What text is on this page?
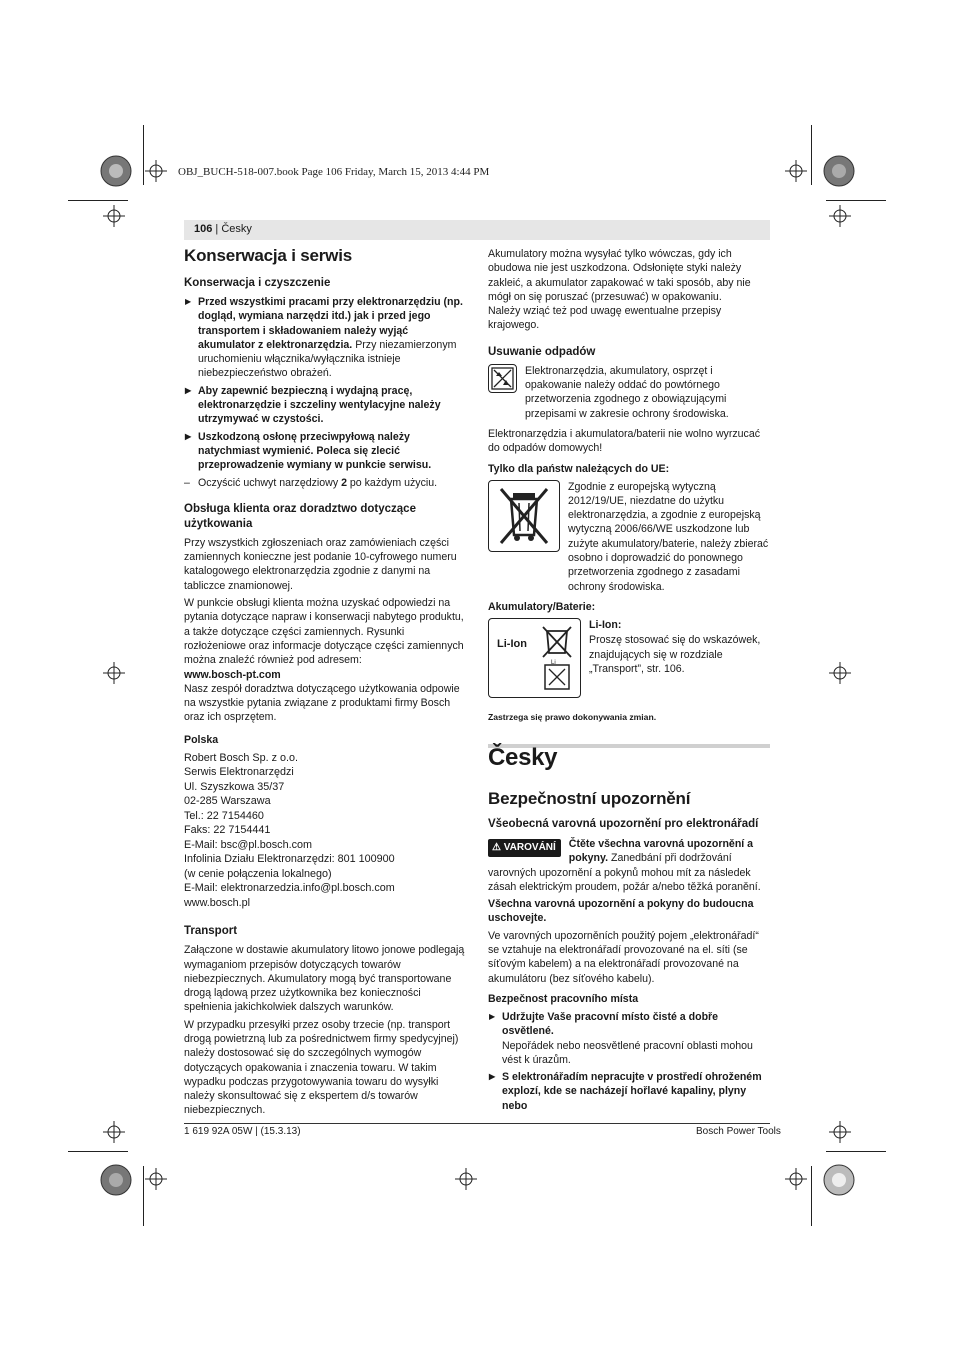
OBJ_BUCH-518-007.book Page 106 Friday, March 15, 2013 4:44 PM
106 | Česky
Konserwacja i serwis
Konserwacja i czyszczenie
▶ Przed wszystkimi pracami przy elektronarzędziu (np. dogląd, wymiana narzędzi itd.) jak i przed jego transportem i składowaniem należy wyjąć akumulator z elektronarzędzia. Przy niezamierzonym uruchomieniu włącznika/wyłącznika istnieje niebezpieczeństwo obrażeń.
▶ Aby zapewnić bezpieczną i wydajną pracę, elektronarzędzie i szczeliny wentylacyjne należy utrzymywać w czystości.
▶ Uszkodzoną osłonę przeciwpyłową należy natychmiast wymienić. Poleca się zlecić przeprowadzenie wymiany w punkcie serwisu.
– Oczyścić uchwyt narzędziowy 2 po każdym użyciu.
Obsługa klienta oraz doradztwo dotyczące użytkowania

Przy wszystkich zgłoszeniach oraz zamówieniach części zamiennych konieczne jest podanie 10-cyfrowego numeru katalogowego elektronarzędzia zgodnie z danymi na tabliczce znamionowej.

W punkcie obsługi klienta można uzyskać odpowiedzi na pytania dotyczące napraw i konserwacji nabytego produktu, a także dotyczące części zamiennych. Rysunki rozłożeniowe oraz informacje dotyczące części zamiennych można znaleźć również pod adresem:

www.bosch-pt.com

Nasz zespół doradztwa dotyczącego użytkowania odpowie na wszystkie pytania związane z produktami firmy Bosch oraz ich osprzętem.

Polska

Robert Bosch Sp. z o.o.

Serwis Elektronarzędzi

Ul. Szyszkowa 35/37

02-285 Warszawa

Tel.: 22 7154460

Faks: 22 7154441

E-Mail: bsc@pl.bosch.com

Infolinia Działu Elektronarzędzi: 801 100900

(w cenie połączenia lokalnego)

E-Mail: elektronarzedzia.info@pl.bosch.com

www.bosch.pl

Transport

Załączone w dostawie akumulatory litowo jonowe podlegają wymaganiom przepisów dotyczących towarów niebezpiecznych. Akumulatory mogą być transportowane drogą lądową przez użytkownika bez konieczności spełnienia jakichkolwiek dalszych warunków.

W przypadku przesyłki przez osoby trzecie (np. transport drogą powietrzną lub za pośrednictwem firmy spedycyjnej) należy dostosować się do szczególnych wymogów dotyczących opakowania i znaczenia towaru. W takim wypadku podczas przygotowywania towaru do wysyłki należy skonsultować się z ekspertem d/s towarów niebezpiecznych.

Akumulatory można wysyłać tylko wówczas, gdy ich obudowa nie jest uszkodzona. Odsłonięte styki należy zakleić, a akumulator zapakować w taki sposób, aby nie mógł on się poruszać (przesuwać) w opakowaniu.

Należy wziąć też pod uwagę ewentualne przepisy krajowego.

Usuwanie odpadów

Elektronarzędzia, akumulatory, osprzęt i opakowanie należy oddać do powtórnego przetworzenia zgodnego z obowiązującymi przepisami w zakresie ochrony środowiska.

Elektronarzędzia i akumulatora/baterii nie wolno wyrzucać do odpadów domowych!

Tylko dla państw należących do UE:

Zgodnie z europejską wytyczną 2012/19/UE, niezdatne do użytku elektronarzędzia, a zgodnie z europejską wytyczną 2006/66/WE uszkodzone lub zużyte akumulatory/baterie, należy zbierać osobno i doprowadzić do ponownego przetworzenia zgodnego z zasadami ochrony środowiska.

Akumulatory/Baterie:
Li-Ion
Li

Li-Ion:

Proszę stosować się do wskazówek, znajdujących się w rozdziale „Transport”, str. 106.

Zastrzega się prawo dokonywania zmian.

Česky
Bezpečnostní upozornění
Všeobecná varovná upozornění pro elektronářadí

⚠ VAROVÁNÍ	Čtěte všechna varovná upozornění a pokyny. Zanedbání při dodržování varovných upozornění a pokynů mohou mít za následek zásah elektrickým proudem, požár a/nebo těžká poranění.

Všechna varovná upozornění a pokyny do budoucna uschovejte.

Ve varovných upozorněních použitý pojem „elektronářadí“ se vztahuje na elektronářadí provozované na el. síti (se síťovým kabelem) a na elektronářadí provozované na akumulátoru (bez síťového kabelu).

Bezpečnost pracovního místa
▶ Udržujte Vaše pracovní místo čisté a dobře osvětlené.
Nepořádek nebo neosvětlené pracovní oblasti mohou vést k úrazům.
▶ S elektronářadím nepracujte v prostředí ohroženém explozí, kde se nacházejí hořlavé kapaliny, plyny nebo
1 619 92A 05W | (15.3.13)	Bosch Power Tools
